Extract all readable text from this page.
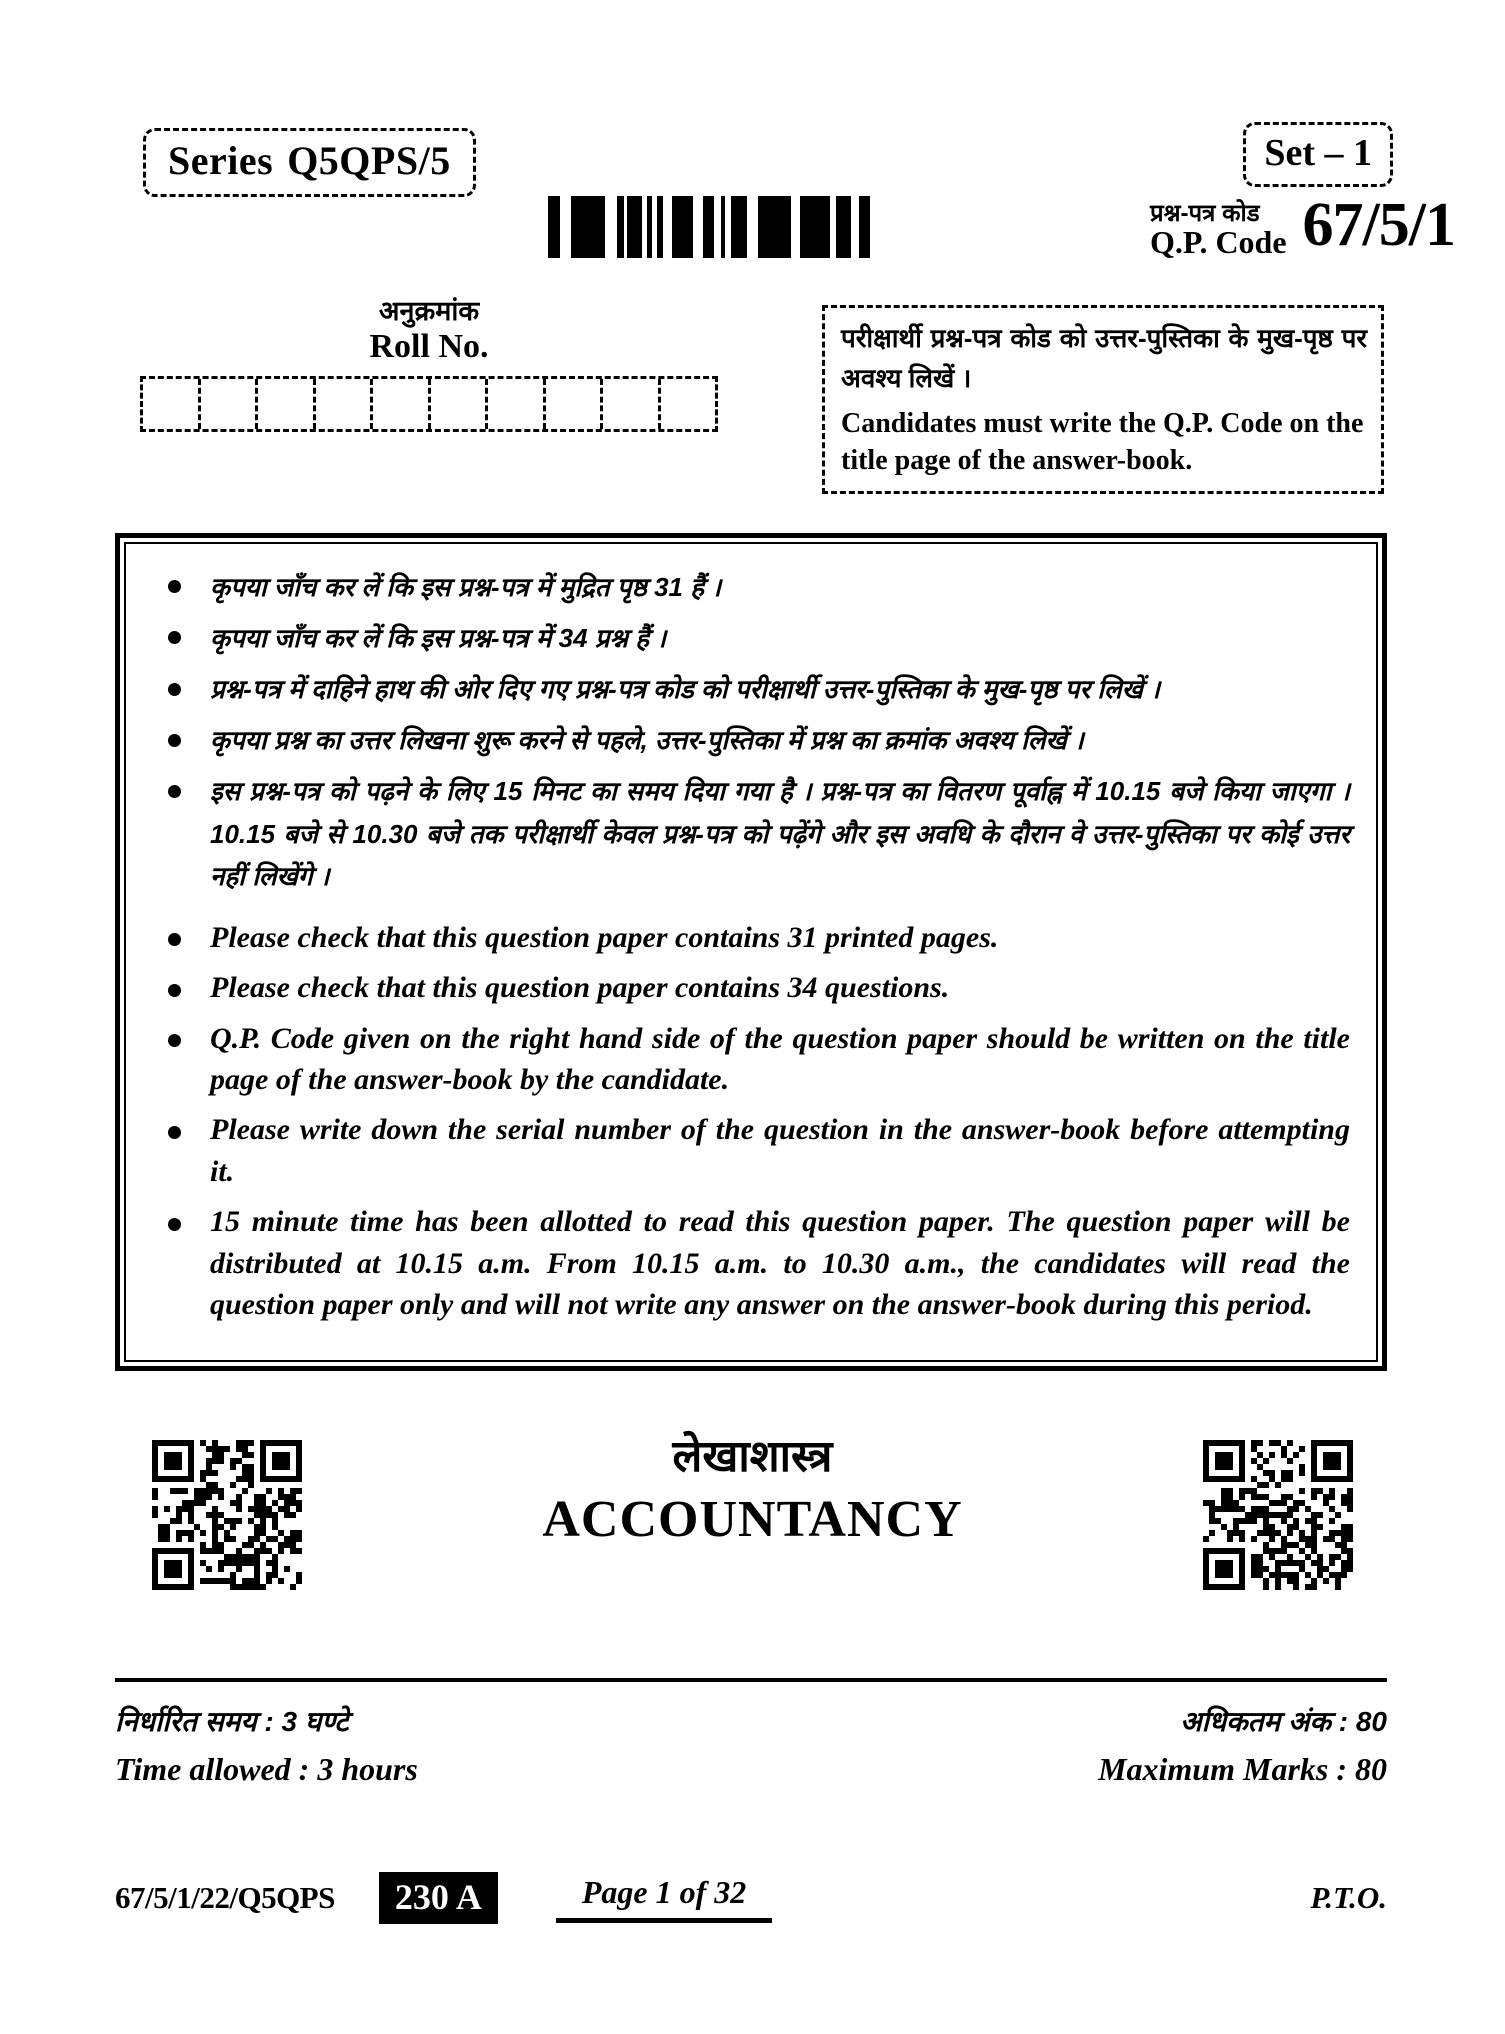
Series Q5QPS/5	Set – 1
प्रश्न-पत्र कोड
Q.P. Code 67/5/1
अनुक्रमांक
Roll No.	परीक्षार्थी प्रश्न-पत्र कोड को उत्तर-पुस्तिका के मुख-पृष्ठ पर अवश्य लिखें ।
Candidates must write the Q.P. Code on the title page of the answer-book.
कृपया जाँच कर लें कि इस प्रश्न-पत्र में मुद्रित पृष्ठ 31 हैं ।
कृपया जाँच कर लें कि इस प्रश्न-पत्र में 34 प्रश्न हैं ।
प्रश्न-पत्र में दाहिने हाथ की ओर दिए गए प्रश्न-पत्र कोड को परीक्षार्थी उत्तर-पुस्तिका के मुख-पृष्ठ पर लिखें ।
कृपया प्रश्न का उत्तर लिखना शुरू करने से पहले, उत्तर-पुस्तिका में प्रश्न का क्रमांक अवश्य लिखें ।
इस प्रश्न-पत्र को पढ़ने के लिए 15 मिनट का समय दिया गया है । प्रश्न-पत्र का वितरण पूर्वाह्न में 10.15 बजे किया जाएगा । 10.15 बजे से 10.30 बजे तक परीक्षार्थी केवल प्रश्न-पत्र को पढ़ेंगे और इस अवधि के दौरान वे उत्तर-पुस्तिका पर कोई उत्तर नहीं लिखेंगे ।
Please check that this question paper contains 31 printed pages.
Please check that this question paper contains 34 questions.
Q.P. Code given on the right hand side of the question paper should be written on the title page of the answer-book by the candidate.
Please write down the serial number of the question in the answer-book before attempting it.
15 minute time has been allotted to read this question paper. The question paper will be distributed at 10.15 a.m. From 10.15 a.m. to 10.30 a.m., the candidates will read the question paper only and will not write any answer on the answer-book during this period.
लेखाशास्त्र
ACCOUNTANCY
निर्धारित समय : 3 घण्टे	अधिकतम अंक : 80
Time allowed : 3 hours	Maximum Marks : 80
67/5/1/22/Q5QPS	230 A	Page 1 of 32	P.T.O.
